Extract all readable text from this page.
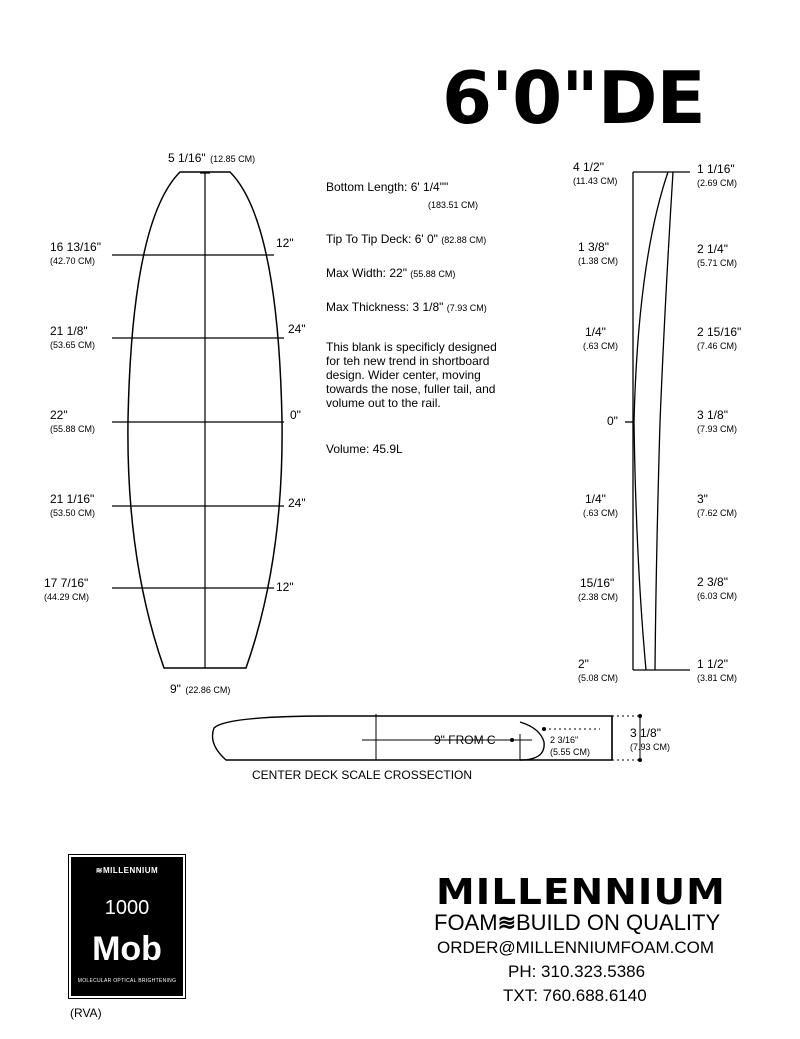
6'0"DE
5 1/16" (12.85 CM)
9" (22.86 CM)
16 13/16"
(42.70 CM)
12"
21 1/8"
(53.65 CM)
24"
22"
(55.88 CM)
0"
21 1/16"
(53.50 CM)
24"
17 7/16"
(44.29 CM)
12"
Bottom Length: 6' 1/4""
(183.51 CM)
Tip To Tip Deck: 6' 0" (82.88 CM)
Max Width: 22" (55.88 CM)
Max Thickness: 3 1/8" (7.93 CM)
This blank is specificly designed
for teh new trend in shortboard
design. Wider center, moving
towards the nose, fuller tail, and
volume out to the rail.
Volume: 45.9L
4 1/2"
(11.43 CM)
1 3/8"
(1.38 CM)
1/4"
(.63 CM)
0"
1/4"
(.63 CM)
15/16"
(2.38 CM)
2"
(5.08 CM)
1 1/16"
(2.69 CM)
2 1/4"
(5.71 CM)
2 15/16"
(7.46 CM)
3 1/8"
(7.93 CM)
3"
(7.62 CM)
2 3/8"
(6.03 CM)
1 1/2"
(3.81 CM)
9" FROM C	2 3/16"
(5.55 CM)
3 1/8"
(7.93 CM)
CENTER DECK SCALE CROSSECTION
≋MILLENNIUM
1000
Mob
MOLECULAR OPTICAL BRIGHTENING
(RVA)
MILLENNIUM
FOAM≋BUILD ON QUALITY
ORDER@MILLENNIUMFOAM.COM
PH: 310.323.5386
TXT: 760.688.6140
